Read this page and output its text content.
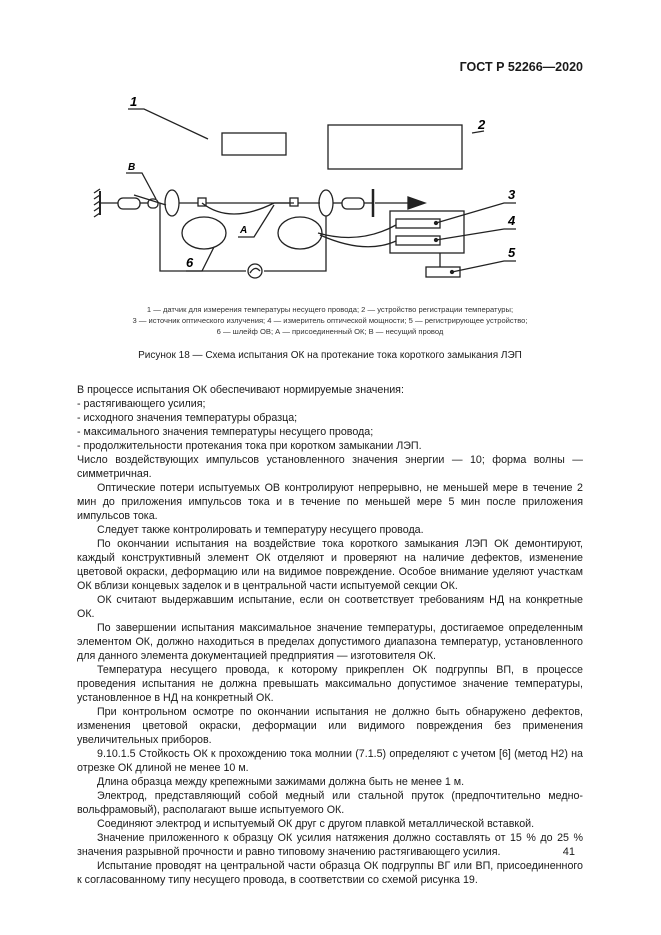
ГОСТ Р 52266—2020
1
2
3
4
5
6
А
В
1 — датчик для измерения температуры несущего провода; 2 — устройство регистрации температуры;
3 — источник оптического излучения; 4 — измеритель оптической мощности; 5 — регистрирующее устройство;
6 — шлейф ОВ; А — присоединенный ОК; В — несущий провод
Рисунок 18 — Схема испытания ОК на протекание тока короткого замыкания ЛЭП

В процессе испытания ОК обеспечивают нормируемые значения:

- растягивающего усилия;

- исходного значения температуры образца;

- максимального значения температуры несущего провода;

- продолжительности протекания тока при коротком замыкании ЛЭП.

Число воздействующих импульсов установленного значения энергии — 10; форма волны — симметричная.

Оптические потери испытуемых ОВ контролируют непрерывно, не меньшей мере в течение 2 мин до приложения импульсов тока и в течение по меньшей мере 5 мин после приложения импульсов тока.

Следует также контролировать и температуру несущего провода.

По окончании испытания на воздействие тока короткого замыкания ЛЭП ОК демонтируют, каждый конструктивный элемент ОК отделяют и проверяют на наличие дефектов, изменение цветовой окраски, деформацию или на видимое повреждение. Особое внимание уделяют участкам ОК вблизи концевых заделок и в центральной части испытуемой секции ОК.

ОК считают выдержавшим испытание, если он соответствует требованиям НД на конкретные ОК.

По завершении испытания максимальное значение температуры, достигаемое определенным элементом ОК, должно находиться в пределах допустимого диапазона температур, установленного для данного элемента документацией предприятия — изготовителя ОК.

Температура несущего провода, к которому прикреплен ОК подгруппы ВП, в процессе проведения испытания не должна превышать максимально допустимое значение температуры, установленное в НД на конкретный ОК.

При контрольном осмотре по окончании испытания не должно быть обнаружено дефектов, изменения цветовой окраски, деформации или видимого повреждения без применения увеличительных приборов.

9.10.1.5 Стойкость ОК к прохождению тока молнии (7.1.5) определяют с учетом [6] (метод Н2) на отрезке ОК длиной не менее 10 м.

Длина образца между крепежными зажимами должна быть не менее 1 м.

Электрод, представляющий собой медный или стальной пруток (предпочтительно медно-вольфрамовый), располагают выше испытуемого ОК.

Соединяют электрод и испытуемый ОК друг с другом плавкой металлической вставкой.

Значение приложенного к образцу ОК усилия натяжения должно составлять от 15 % до 25 % значения разрывной прочности и равно типовому значению растягивающего усилия.

Испытание проводят на центральной части образца ОК подгруппы ВГ или ВП, присоединенного к согласованному типу несущего провода, в соответствии со схемой рисунка 19.

41
